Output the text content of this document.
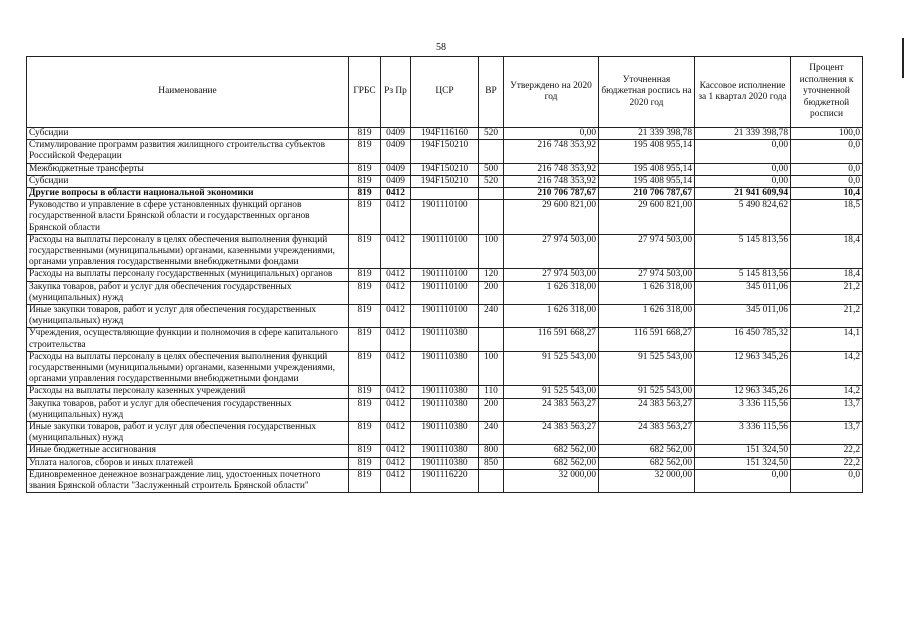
58
Наименование	ГРБС	Рз Пр	ЦСР	ВР	Утверждено на 2020 год	Уточненная бюджетная роспись на 2020 год	Кассовое исполнение за 1 квартал 2020 года	Процент исполнения к уточненной бюджетной росписи
Субсидии	819	0409	194F116160	520	0,00	21 339 398,78	21 339 398,78	100,0
Стимулирование программ развития жилищного строительства субъектов Российской Федерации	819	0409	194F150210		216 748 353,92	195 408 955,14	0,00	0,0
Межбюджетные трансферты	819	0409	194F150210	500	216 748 353,92	195 408 955,14	0,00	0,0
Субсидии	819	0409	194F150210	520	216 748 353,92	195 408 955,14	0,00	0,0
Другие вопросы в области национальной экономики	819	0412			210 706 787,67	210 706 787,67	21 941 609,94	10,4
Руководство и управление в сфере установленных функций органов государственной власти Брянской области и государственных органов Брянской области	819	0412	1901110100		29 600 821,00	29 600 821,00	5 490 824,62	18,5
Расходы на выплаты персоналу в целях обеспечения выполнения функций государственными (муниципальными) органами, казенными учреждениями, органами управления государственными внебюджетными фондами	819	0412	1901110100	100	27 974 503,00	27 974 503,00	5 145 813,56	18,4
Расходы на выплаты персоналу государственных (муниципальных) органов	819	0412	1901110100	120	27 974 503,00	27 974 503,00	5 145 813,56	18,4
Закупка товаров, работ и услуг для обеспечения государственных (муниципальных) нужд	819	0412	1901110100	200	1 626 318,00	1 626 318,00	345 011,06	21,2
Иные закупки товаров, работ и услуг для обеспечения государственных (муниципальных) нужд	819	0412	1901110100	240	1 626 318,00	1 626 318,00	345 011,06	21,2
Учреждения, осуществляющие функции и полномочия в сфере капитального строительства	819	0412	1901110380		116 591 668,27	116 591 668,27	16 450 785,32	14,1
Расходы на выплаты персоналу в целях обеспечения выполнения функций государственными (муниципальными) органами, казенными учреждениями, органами управления государственными внебюджетными фондами	819	0412	1901110380	100	91 525 543,00	91 525 543,00	12 963 345,26	14,2
Расходы на выплаты персоналу казенных учреждений	819	0412	1901110380	110	91 525 543,00	91 525 543,00	12 963 345,26	14,2
Закупка товаров, работ и услуг для обеспечения государственных (муниципальных) нужд	819	0412	1901110380	200	24 383 563,27	24 383 563,27	3 336 115,56	13,7
Иные закупки товаров, работ и услуг для обеспечения государственных (муниципальных) нужд	819	0412	1901110380	240	24 383 563,27	24 383 563,27	3 336 115,56	13,7
Иные бюджетные ассигнования	819	0412	1901110380	800	682 562,00	682 562,00	151 324,50	22,2
Уплата налогов, сборов и иных платежей	819	0412	1901110380	850	682 562,00	682 562,00	151 324,50	22,2
Единовременное денежное вознаграждение лиц, удостоенных почетного звания Брянской области "Заслуженный строитель Брянской области"	819	0412	1901116220		32 000,00	32 000,00	0,00	0,0
